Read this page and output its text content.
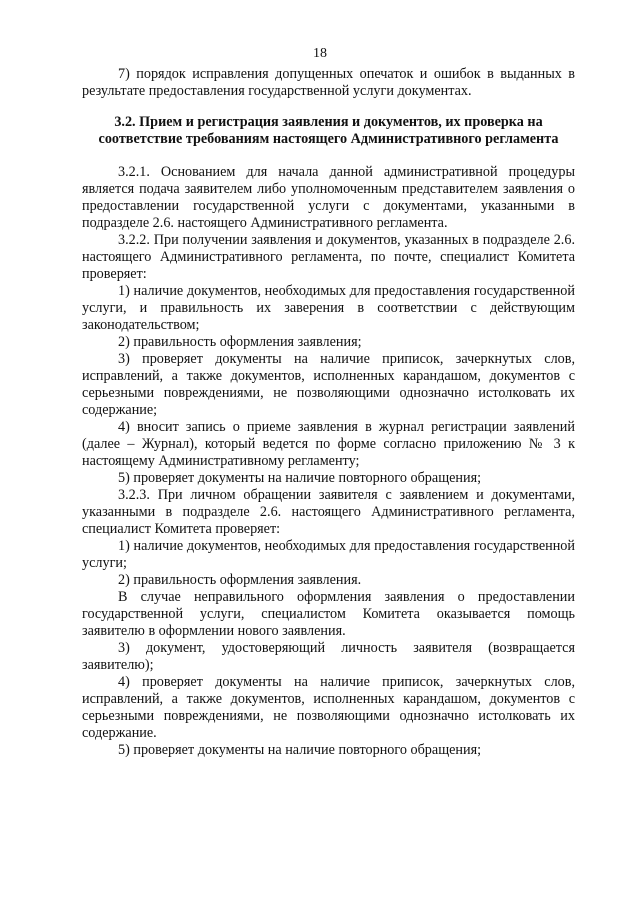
18

7) порядок исправления допущенных опечаток и ошибок в выданных в результате предоставления государственной услуги документах.

3.2. Прием и регистрация заявления и документов, их проверка на соответствие требованиям настоящего Административного регламента

3.2.1. Основанием для начала данной административной процедуры является подача заявителем либо уполномоченным представителем заявления о предоставлении государственной услуги с документами, указанными в подразделе 2.6. настоящего Административного регламента.

3.2.2. При получении заявления и документов, указанных в подразделе 2.6. настоящего Административного регламента, по почте, специалист Комитета проверяет:

1) наличие документов, необходимых для предоставления государственной услуги, и правильность их заверения в соответствии с действующим законодательством;

2) правильность оформления заявления;

3) проверяет документы на наличие приписок, зачеркнутых слов, исправлений, а также документов, исполненных карандашом, документов с серьезными повреждениями, не позволяющими однозначно истолковать их содержание;

4) вносит запись о приеме заявления в журнал регистрации заявлений (далее – Журнал), который ведется по форме согласно приложению № 3 к настоящему Административному регламенту;

5) проверяет документы на наличие повторного обращения;

3.2.3. При личном обращении заявителя с заявлением и документами, указанными в подразделе 2.6. настоящего Административного регламента, специалист Комитета проверяет:

1) наличие документов, необходимых для предоставления государственной услуги;

2) правильность оформления заявления.

В случае неправильного оформления заявления о предоставлении государственной услуги, специалистом Комитета оказывается помощь заявителю в оформлении нового заявления.

3) документ, удостоверяющий личность заявителя (возвращается заявителю);

4) проверяет документы на наличие приписок, зачеркнутых слов, исправлений, а также документов, исполненных карандашом, документов с серьезными повреждениями, не позволяющими однозначно истолковать их содержание.

5) проверяет документы на наличие повторного обращения;
